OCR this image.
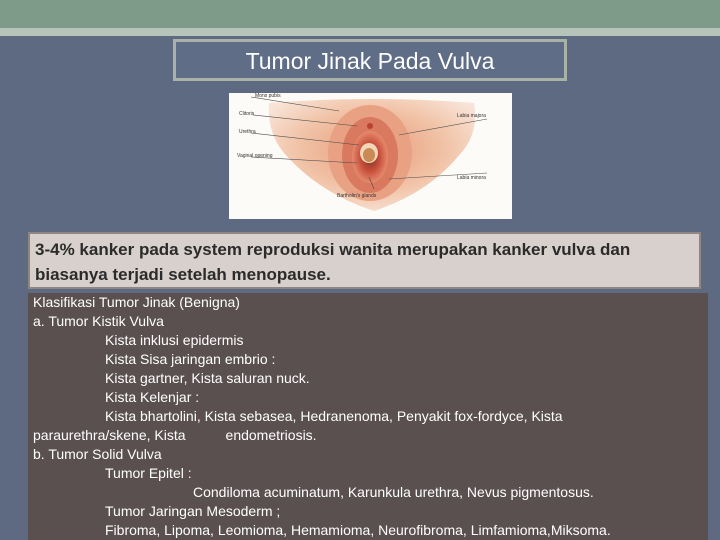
Tumor Jinak Pada Vulva
Mons pubis
Clitoris
Urethra
Vaginal opening
Labia majora
Labia minora
Bartholin's glands
3-4% kanker pada system reproduksi wanita merupakan kanker vulva dan biasanya terjadi setelah menopause.
Klasifikasi Tumor Jinak (Benigna)
a. Tumor Kistik Vulva
Kista inklusi epidermis
Kista Sisa jaringan embrio :
Kista gartner, Kista saluran nuck.
Kista Kelenjar :
Kista bhartolini, Kista sebasea, Hedranenoma, Penyakit fox-fordyce, Kista
paraurethra/skene, Kista	endometriosis.
b. Tumor Solid Vulva
Tumor Epitel :
Condiloma acuminatum, Karunkula urethra, Nevus pigmentosus.
Tumor Jaringan Mesoderm ;
Fibroma, Lipoma, Leomioma, Hemamioma, Neurofibroma, Limfamioma,Miksoma.
